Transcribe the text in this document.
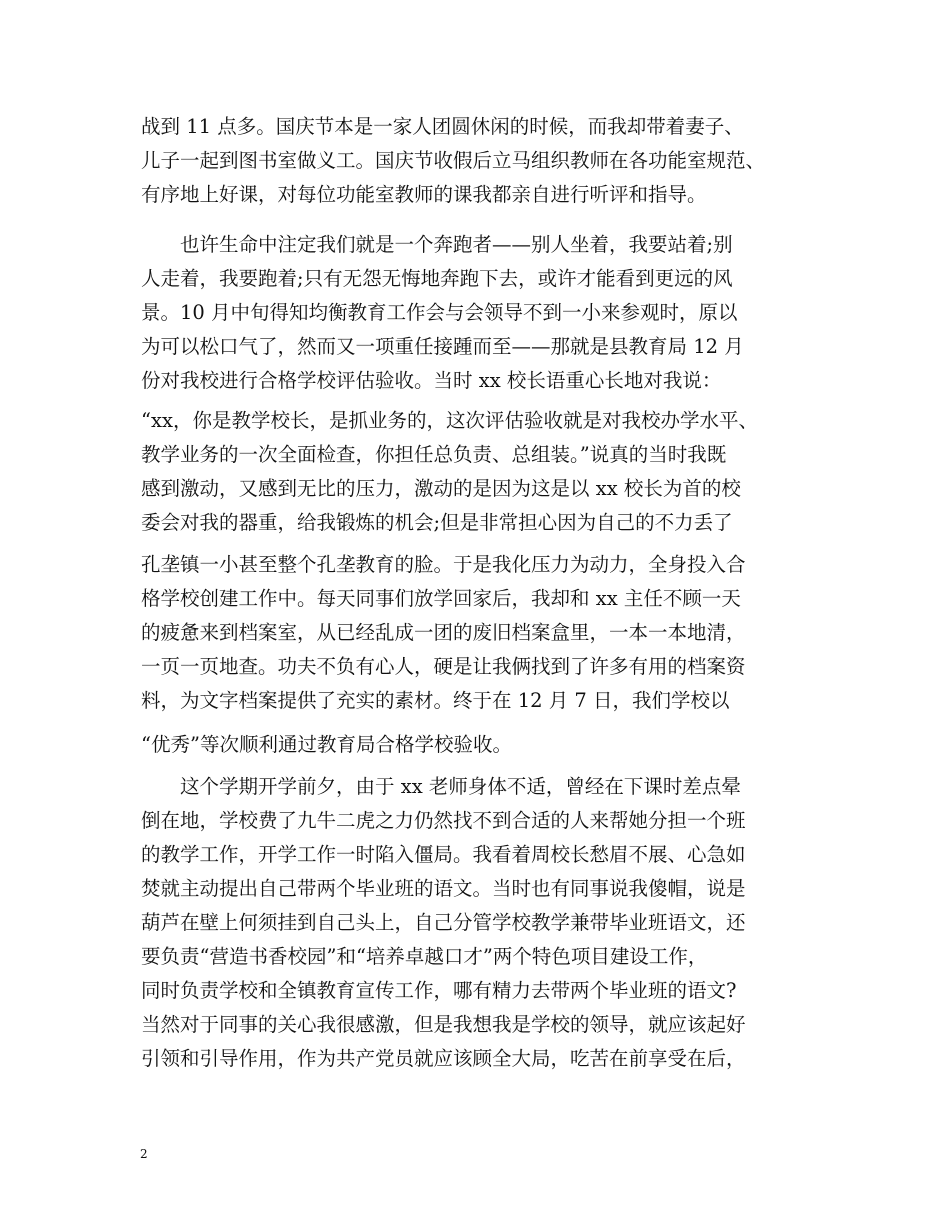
战到 11 点多。国庆节本是一家人团圆休闲的时候，而我却带着妻子、
儿子一起到图书室做义工。国庆节收假后立马组织教师在各功能室规范、
有序地上好课，对每位功能室教师的课我都亲自进行听评和指导。
也许生命中注定我们就是一个奔跑者——别人坐着，我要站着;别
人走着，我要跑着;只有无怨无悔地奔跑下去，或许才能看到更远的风
景。10 月中旬得知均衡教育工作会与会领导不到一小来参观时，原以
为可以松口气了，然而又一项重任接踵而至——那就是县教育局 12 月
份对我校进行合格学校评估验收。当时 xx 校长语重心长地对我说：
“xx，你是教学校长，是抓业务的，这次评估验收就是对我校办学水平、
教学业务的一次全面检查，你担任总负责、总组装。”说真的当时我既
感到激动，又感到无比的压力，激动的是因为这是以 xx 校长为首的校
委会对我的器重，给我锻炼的机会;但是非常担心因为自己的不力丢了
孔垄镇一小甚至整个孔垄教育的脸。于是我化压力为动力，全身投入合
格学校创建工作中。每天同事们放学回家后，我却和 xx 主任不顾一天
的疲惫来到档案室，从已经乱成一团的废旧档案盒里，一本一本地清，
一页一页地查。功夫不负有心人，硬是让我俩找到了许多有用的档案资
料，为文字档案提供了充实的素材。终于在 12 月 7 日，我们学校以
“优秀”等次顺利通过教育局合格学校验收。
这个学期开学前夕，由于 xx 老师身体不适，曾经在下课时差点晕
倒在地，学校费了九牛二虎之力仍然找不到合适的人来帮她分担一个班
的教学工作，开学工作一时陷入僵局。我看着周校长愁眉不展、心急如
焚就主动提出自己带两个毕业班的语文。当时也有同事说我傻帽，说是
葫芦在壁上何须挂到自己头上，自己分管学校教学兼带毕业班语文，还
要负责“营造书香校园”和“培养卓越口才”两个特色项目建设工作，
同时负责学校和全镇教育宣传工作，哪有精力去带两个毕业班的语文?
当然对于同事的关心我很感激，但是我想我是学校的领导，就应该起好
引领和引导作用，作为共产党员就应该顾全大局，吃苦在前享受在后，
2
